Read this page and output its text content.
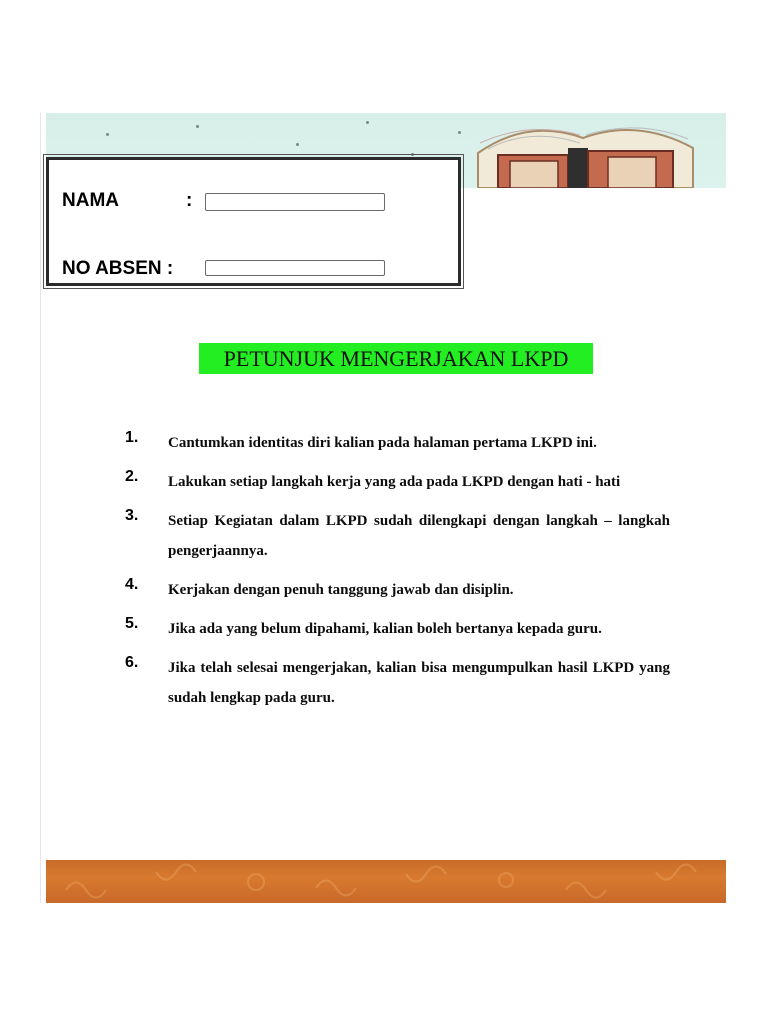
NAMA	:
NO ABSEN :
PETUNJUK MENGERJAKAN LKPD
1.	Cantumkan identitas diri kalian pada halaman pertama LKPD ini.
2.	Lakukan setiap langkah kerja yang ada pada LKPD dengan hati - hati
3.	Setiap Kegiatan dalam LKPD sudah dilengkapi dengan langkah – langkah pengerjaannya.
4.	Kerjakan dengan penuh tanggung jawab dan disiplin.
5.	Jika ada yang belum dipahami, kalian boleh bertanya kepada guru.
6.	Jika telah selesai mengerjakan, kalian bisa mengumpulkan hasil LKPD yang sudah lengkap pada guru.
